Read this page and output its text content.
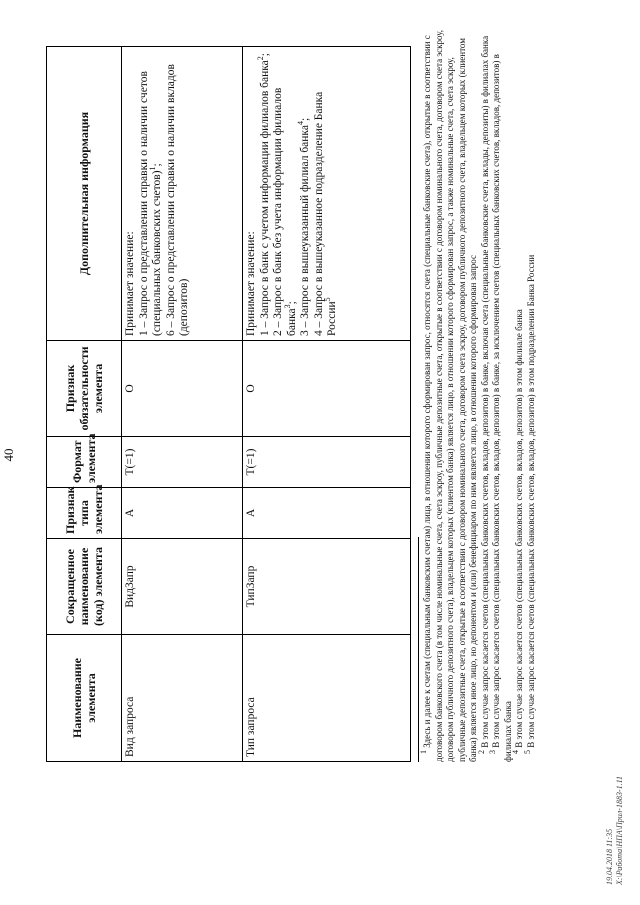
40
Наименование элемента	Сокращенное наименование (код) элемента	Признак типа элемента	Формат элемента	Признак обязательности элемента	Дополнительная информация
Вид запроса	ВидЗапр	А	T(=1)	О	Принимает значение: 1 – Запрос о представлении справки о наличии счетов (специальных банковских счетов)$^1$; 6 – Запрос о представлении справки о наличии вкладов (депозитов)

Тип запроса	ТипЗапр	А	T(=1)	О	Принимает значение: 1 – Запрос в банк с учетом информации филиалов банка$^2$;
2 – Запрос в банк без учета информации филиалов банка$^3$; 3 – Запрос в вышеуказанный филиал банка$^4$; 4 – Запрос в вышеуказанное подразделение Банка России$^5$

$^1$ Здесь и далее к счетам (специальным банковским счетам) лица, в отношении которого сформирован запрос, относятся счета (специальные банковские счета), открытые в соответствии с договором банковского счета (в том числе номинальные счета, счета эскроу, публичные депозитные счета, открытые в соответствии с договором номинального счета, договором счета эскроу, договором публичного депозитного счета), владельцем которых (клиентом банка) является лицо, в отношении которого сформирован запрос, а также номинальные счета, счета эскроу, публичные депозитные счета, открытые в соответствии с договором номинального счета, договором счета эскроу, договором публичного депозитного счета, владельцем которых (клиентом банка) является иное лицо, но депонентом и (или) бенефициаром по ним является лицо, в отношении которого сформирован запрос

$^2$ В этом случае запрос касается счетов (специальных банковских счетов, вкладов, депозитов) в банке, включая счета (специальные банковские счета, вклады, депозиты) в филиалах банка

$^3$ В этом случае запрос касается счетов (специальных банковских счетов, вкладов, депозитов) в банке, за исключением счетов (специальных банковских счетов, вкладов, депозитов) в филиалах банка

$^4$ В этом случае запрос касается счетов (специальных банковских счетов, вкладов, депозитов) в этом филиале банка

$^5$ В этом случае запрос касается счетов (специальных банковских счетов, вкладов, депозитов) в этом подразделении Банка России

19.04.2018 11:35 X:\Работа\НПА\Прил-1883-1.11
